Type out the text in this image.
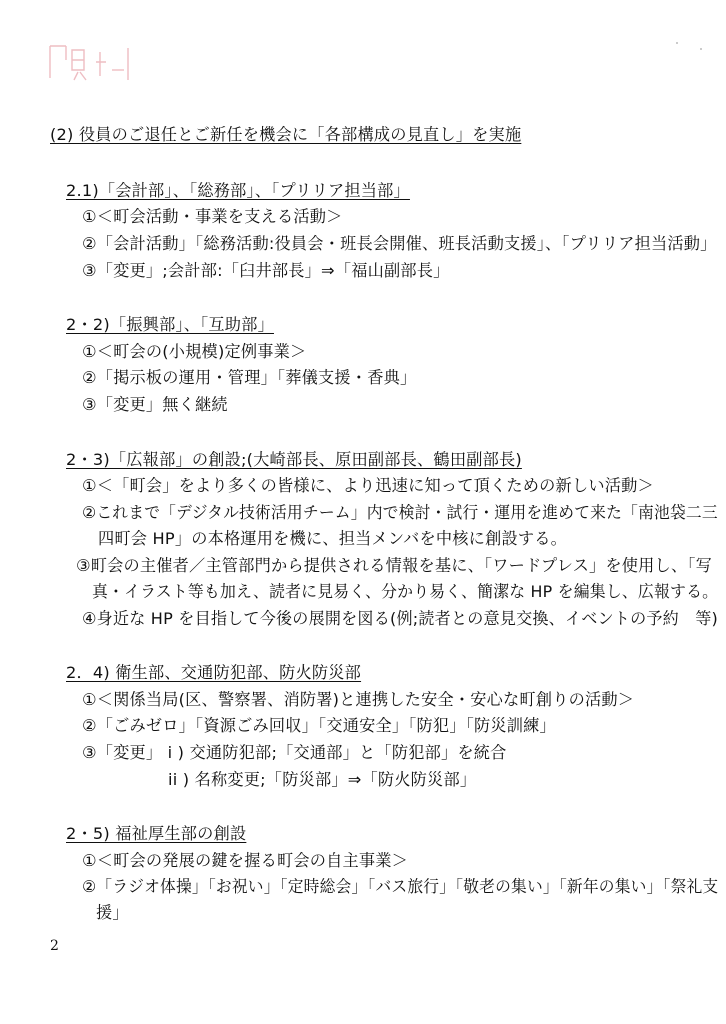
(2) 役員のご退任とご新任を機会に「各部構成の見直し」を実施
2.1)「会計部」、「総務部」、「プリリア担当部」
①＜町会活動・事業を支える活動＞
②「会計活動」「総務活動:役員会・班長会開催、班長活動支援」、「プリリア担当活動」
③「変更」;会計部:「臼井部長」⇒「福山副部長」
2・2)「振興部」、「互助部」
①＜町会の(小規模)定例事業＞
②「掲示板の運用・管理」「葬儀支援・香典」
③「変更」無く継続
2・3)「広報部」の創設;(大崎部長、原田副部長、鶴田副部長)
①＜「町会」をより多くの皆様に、より迅速に知って頂くための新しい活動＞
②これまで「デジタル技術活用チーム」内で検討・試行・運用を進めて来た「南池袋二三
四町会 HP」の本格運用を機に、担当メンバを中核に創設する。
③町会の主催者／主管部門から提供される情報を基に、「ワードプレス」を使用し、「写
真・イラスト等も加え、読者に見易く、分かり易く、簡潔な HP を編集し、広報する。
④身近な HP を目指して今後の展開を図る(例;読者との意見交換、イベントの予約　等)
2．4) 衛生部、交通防犯部、防火防災部
①＜関係当局(区、警察署、消防署)と連携した安全・安心な町創りの活動＞
②「ごみゼロ」「資源ごみ回収」「交通安全」「防犯」「防災訓練」
③「変更」 i ) 交通防犯部;「交通部」と「防犯部」を統合
ii ) 名称変更;「防災部」⇒「防火防災部」
2・5) 福祉厚生部の創設
①＜町会の発展の鍵を握る町会の自主事業＞
②「ラジオ体操」「お祝い」「定時総会」「バス旅行」「敬老の集い」「新年の集い」「祭礼支
援」
2
